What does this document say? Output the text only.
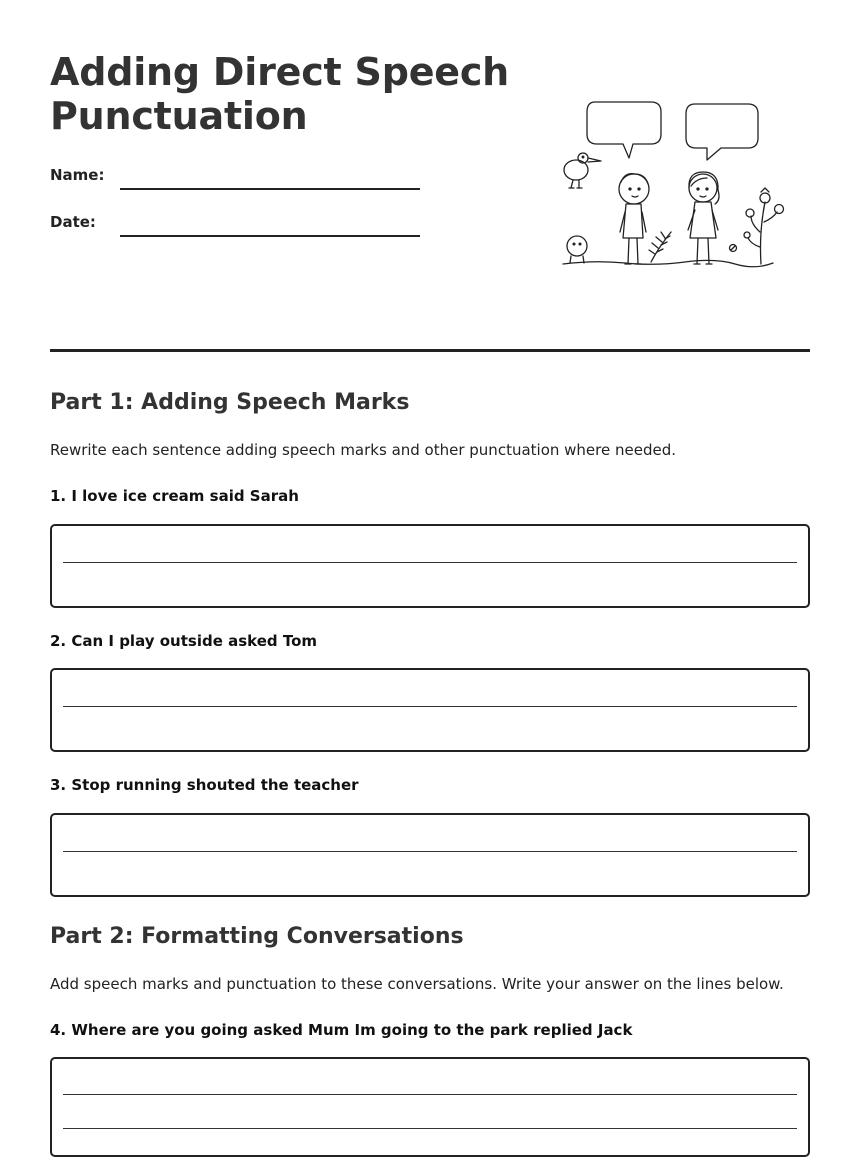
Adding Direct Speech Punctuation
Name:
Date:
Part 1: Adding Speech Marks
Rewrite each sentence adding speech marks and other punctuation where needed.
1. I love ice cream said Sarah
2. Can I play outside asked Tom
3. Stop running shouted the teacher
Part 2: Formatting Conversations
Add speech marks and punctuation to these conversations. Write your answer on the lines below.
4. Where are you going asked Mum Im going to the park replied Jack
